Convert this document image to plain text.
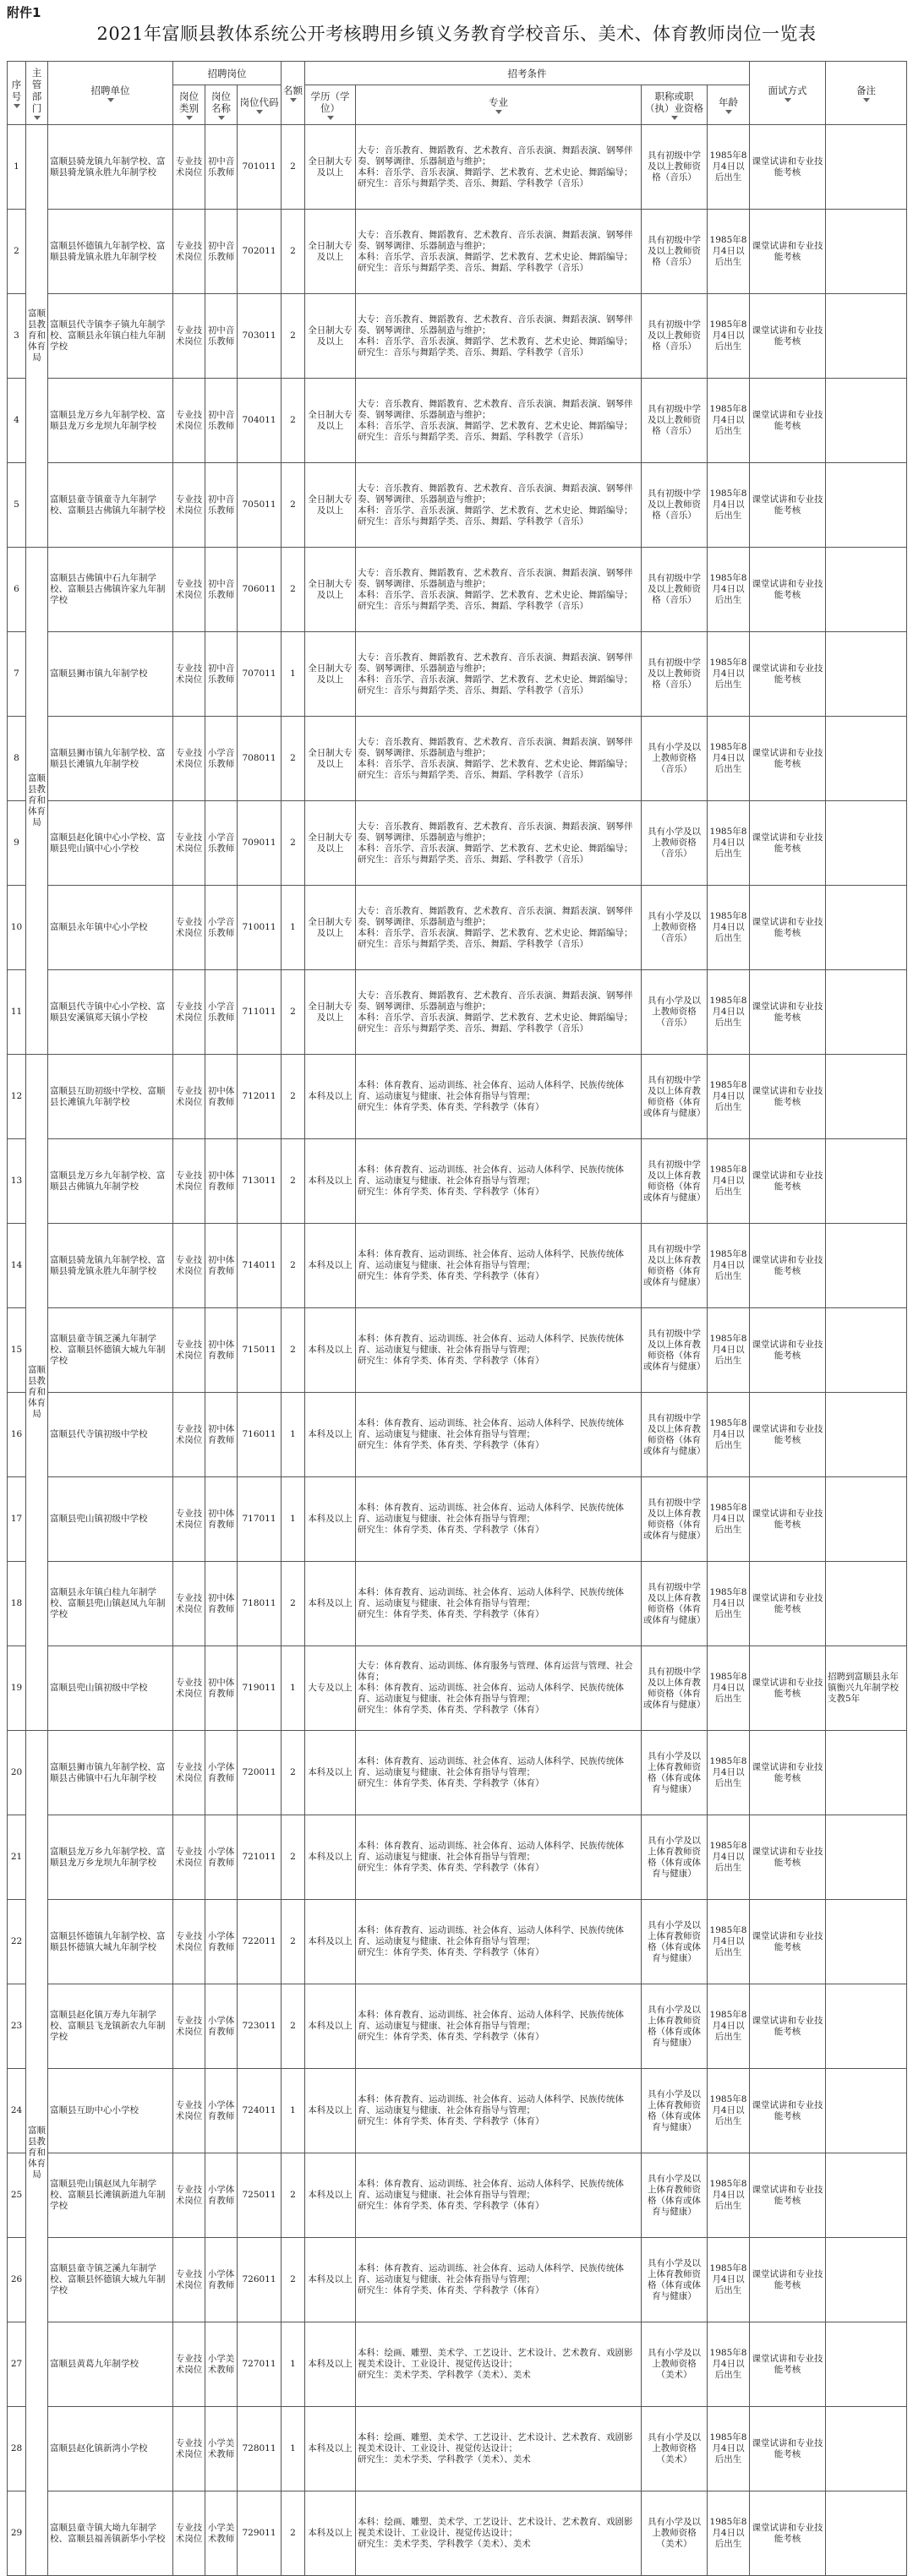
附件1
2021年富顺县教体系统公开考核聘用乡镇义务教育学校音乐、美术、体育教师岗位一览表
序号	主管部门	招聘单位	招聘岗位			名额	招考条件				面试方式	备注

			岗位类别	岗位名称	岗位代码		学历（学位）	专业	职称或职（执）业资格	年龄		

1	富顺县教育和体育局	富顺县骑龙镇九年制学校、富顺县骑龙镇永胜九年制学校	专业技术岗位	初中音乐教师	701011	2	全日制大专及以上	大专：音乐教育、舞蹈教育、艺术教育、音乐表演、舞蹈表演、钢琴伴奏、钢琴调律、乐器制造与维护；
本科：音乐学、音乐表演、舞蹈学、艺术教育、艺术史论、舞蹈编导；
研究生：音乐与舞蹈学类、音乐、舞蹈、学科教学（音乐）	具有初级中学及以上教师资格（音乐）	1985年8月4日以后出生	课堂试讲和专业技能考核	
2		富顺县怀德镇九年制学校、富顺县骑龙镇永胜九年制学校	专业技术岗位	初中音乐教师	702011	2	全日制大专及以上	大专：音乐教育、舞蹈教育、艺术教育、音乐表演、舞蹈表演、钢琴伴奏、钢琴调律、乐器制造与维护；
本科：音乐学、音乐表演、舞蹈学、艺术教育、艺术史论、舞蹈编导；
研究生：音乐与舞蹈学类、音乐、舞蹈、学科教学（音乐）	具有初级中学及以上教师资格（音乐）	1985年8月4日以后出生	课堂试讲和专业技能考核	
3		富顺县代寺镇李子镇九年制学校、富顺县永年镇白桂九年制学校	专业技术岗位	初中音乐教师	703011	2	全日制大专及以上	大专：音乐教育、舞蹈教育、艺术教育、音乐表演、舞蹈表演、钢琴伴奏、钢琴调律、乐器制造与维护；
本科：音乐学、音乐表演、舞蹈学、艺术教育、艺术史论、舞蹈编导；
研究生：音乐与舞蹈学类、音乐、舞蹈、学科教学（音乐）	具有初级中学及以上教师资格（音乐）	1985年8月4日以后出生	课堂试讲和专业技能考核	
4		富顺县龙万乡九年制学校、富顺县龙万乡龙坝九年制学校	专业技术岗位	初中音乐教师	704011	2	全日制大专及以上	大专：音乐教育、舞蹈教育、艺术教育、音乐表演、舞蹈表演、钢琴伴奏、钢琴调律、乐器制造与维护；
本科：音乐学、音乐表演、舞蹈学、艺术教育、艺术史论、舞蹈编导；
研究生：音乐与舞蹈学类、音乐、舞蹈、学科教学（音乐）	具有初级中学及以上教师资格（音乐）	1985年8月4日以后出生	课堂试讲和专业技能考核	
5		富顺县童寺镇童寺九年制学校、富顺县古佛镇九年制学校	专业技术岗位	初中音乐教师	705011	2	全日制大专及以上	大专：音乐教育、舞蹈教育、艺术教育、音乐表演、舞蹈表演、钢琴伴奏、钢琴调律、乐器制造与维护；
本科：音乐学、音乐表演、舞蹈学、艺术教育、艺术史论、舞蹈编导；
研究生：音乐与舞蹈学类、音乐、舞蹈、学科教学（音乐）	具有初级中学及以上教师资格（音乐）	1985年8月4日以后出生	课堂试讲和专业技能考核	
6	富顺县教育和体育局	富顺县古佛镇中石九年制学校、富顺县古佛镇许家九年制学校	专业技术岗位	初中音乐教师	706011	2	全日制大专及以上	大专：音乐教育、舞蹈教育、艺术教育、音乐表演、舞蹈表演、钢琴伴奏、钢琴调律、乐器制造与维护；
本科：音乐学、音乐表演、舞蹈学、艺术教育、艺术史论、舞蹈编导；
研究生：音乐与舞蹈学类、音乐、舞蹈、学科教学（音乐）	具有初级中学及以上教师资格（音乐）	1985年8月4日以后出生	课堂试讲和专业技能考核	
7		富顺县狮市镇九年制学校	专业技术岗位	初中音乐教师	707011	1	全日制大专及以上	大专：音乐教育、舞蹈教育、艺术教育、音乐表演、舞蹈表演、钢琴伴奏、钢琴调律、乐器制造与维护；
本科：音乐学、音乐表演、舞蹈学、艺术教育、艺术史论、舞蹈编导；
研究生：音乐与舞蹈学类、音乐、舞蹈、学科教学（音乐）	具有初级中学及以上教师资格（音乐）	1985年8月4日以后出生	课堂试讲和专业技能考核	
8		富顺县狮市镇九年制学校、富顺县长滩镇九年制学校	专业技术岗位	小学音乐教师	708011	2	全日制大专及以上	大专：音乐教育、舞蹈教育、艺术教育、音乐表演、舞蹈表演、钢琴伴奏、钢琴调律、乐器制造与维护；
本科：音乐学、音乐表演、舞蹈学、艺术教育、艺术史论、舞蹈编导；
研究生：音乐与舞蹈学类、音乐、舞蹈、学科教学（音乐）	具有小学及以上教师资格（音乐）	1985年8月4日以后出生	课堂试讲和专业技能考核	
9		富顺县赵化镇中心小学校、富顺县兜山镇中心小学校	专业技术岗位	小学音乐教师	709011	2	全日制大专及以上	大专：音乐教育、舞蹈教育、艺术教育、音乐表演、舞蹈表演、钢琴伴奏、钢琴调律、乐器制造与维护；
本科：音乐学、音乐表演、舞蹈学、艺术教育、艺术史论、舞蹈编导；
研究生：音乐与舞蹈学类、音乐、舞蹈、学科教学（音乐）	具有小学及以上教师资格（音乐）	1985年8月4日以后出生	课堂试讲和专业技能考核	
10		富顺县永年镇中心小学校	专业技术岗位	小学音乐教师	710011	1	全日制大专及以上	大专：音乐教育、舞蹈教育、艺术教育、音乐表演、舞蹈表演、钢琴伴奏、钢琴调律、乐器制造与维护；
本科：音乐学、音乐表演、舞蹈学、艺术教育、艺术史论、舞蹈编导；
研究生：音乐与舞蹈学类、音乐、舞蹈、学科教学（音乐）	具有小学及以上教师资格（音乐）	1985年8月4日以后出生	课堂试讲和专业技能考核	
11		富顺县代寺镇中心小学校、富顺县安溪镇郑天镇小学校	专业技术岗位	小学音乐教师	711011	2	全日制大专及以上	大专：音乐教育、舞蹈教育、艺术教育、音乐表演、舞蹈表演、钢琴伴奏、钢琴调律、乐器制造与维护；
本科：音乐学、音乐表演、舞蹈学、艺术教育、艺术史论、舞蹈编导；
研究生：音乐与舞蹈学类、音乐、舞蹈、学科教学（音乐）	具有小学及以上教师资格（音乐）	1985年8月4日以后出生	课堂试讲和专业技能考核	
12	富顺县教育和体育局	富顺县互助初级中学校、富顺县长滩镇九年制学校	专业技术岗位	初中体育教师	712011	2	本科及以上	本科：体育教育、运动训练、社会体育、运动人体科学、民族传统体育、运动康复与健康、社会体育指导与管理；
研究生：体育学类、体育类、学科教学（体育）	具有初级中学及以上体育教师资格（体育或体育与健康）	1985年8月4日以后出生	课堂试讲和专业技能考核	
13		富顺县龙万乡九年制学校、富顺县古佛镇九年制学校	专业技术岗位	初中体育教师	713011	2	本科及以上	本科：体育教育、运动训练、社会体育、运动人体科学、民族传统体育、运动康复与健康、社会体育指导与管理；
研究生：体育学类、体育类、学科教学（体育）	具有初级中学及以上体育教师资格（体育或体育与健康）	1985年8月4日以后出生	课堂试讲和专业技能考核	
14		富顺县骑龙镇九年制学校、富顺县骑龙镇永胜九年制学校	专业技术岗位	初中体育教师	714011	2	本科及以上	本科：体育教育、运动训练、社会体育、运动人体科学、民族传统体育、运动康复与健康、社会体育指导与管理；
研究生：体育学类、体育类、学科教学（体育）	具有初级中学及以上体育教师资格（体育或体育与健康）	1985年8月4日以后出生	课堂试讲和专业技能考核	
15		富顺县童寺镇芝溪九年制学校、富顺县怀德镇大城九年制学校	专业技术岗位	初中体育教师	715011	2	本科及以上	本科：体育教育、运动训练、社会体育、运动人体科学、民族传统体育、运动康复与健康、社会体育指导与管理；
研究生：体育学类、体育类、学科教学（体育）	具有初级中学及以上体育教师资格（体育或体育与健康）	1985年8月4日以后出生	课堂试讲和专业技能考核	
16		富顺县代寺镇初级中学校	专业技术岗位	初中体育教师	716011	1	本科及以上	本科：体育教育、运动训练、社会体育、运动人体科学、民族传统体育、运动康复与健康、社会体育指导与管理；
研究生：体育学类、体育类、学科教学（体育）	具有初级中学及以上体育教师资格（体育或体育与健康）	1985年8月4日以后出生	课堂试讲和专业技能考核	
17		富顺县兜山镇初级中学校	专业技术岗位	初中体育教师	717011	1	本科及以上	本科：体育教育、运动训练、社会体育、运动人体科学、民族传统体育、运动康复与健康、社会体育指导与管理；
研究生：体育学类、体育类、学科教学（体育）	具有初级中学及以上体育教师资格（体育或体育与健康）	1985年8月4日以后出生	课堂试讲和专业技能考核	
18		富顺县永年镇白桂九年制学校、富顺县兜山镇赵凤九年制学校	专业技术岗位	初中体育教师	718011	2	本科及以上	本科：体育教育、运动训练、社会体育、运动人体科学、民族传统体育、运动康复与健康、社会体育指导与管理；
研究生：体育学类、体育类、学科教学（体育）	具有初级中学及以上体育教师资格（体育或体育与健康）	1985年8月4日以后出生	课堂试讲和专业技能考核	
19		富顺县兜山镇初级中学校	专业技术岗位	初中体育教师	719011	1	大专及以上	大专：体育教育、运动训练、体育服务与管理、体育运营与管理、社会体育；
本科：体育教育、运动训练、社会体育、运动人体科学、民族传统体育、运动康复与健康、社会体育指导与管理；
研究生：体育学类、体育类、学科教学（体育）	具有初级中学及以上体育教师资格（体育或体育与健康）	1985年8月4日以后出生	课堂试讲和专业技能考核	招聘到富顺县永年镇衡兴九年制学校支教5年
20	富顺县教育和体育局	富顺县狮市镇九年制学校、富顺县古佛镇中石九年制学校	专业技术岗位	小学体育教师	720011	2	本科及以上	本科：体育教育、运动训练、社会体育、运动人体科学、民族传统体育、运动康复与健康、社会体育指导与管理；
研究生：体育学类、体育类、学科教学（体育）	具有小学及以上体育教师资格（体育或体育与健康）	1985年8月4日以后出生	课堂试讲和专业技能考核	
21		富顺县龙万乡九年制学校、富顺县龙万乡龙坝九年制学校	专业技术岗位	小学体育教师	721011	2	本科及以上	本科：体育教育、运动训练、社会体育、运动人体科学、民族传统体育、运动康复与健康、社会体育指导与管理；
研究生：体育学类、体育类、学科教学（体育）	具有小学及以上体育教师资格（体育或体育与健康）	1985年8月4日以后出生	课堂试讲和专业技能考核	
22		富顺县怀德镇九年制学校、富顺县怀德镇大城九年制学校	专业技术岗位	小学体育教师	722011	2	本科及以上	本科：体育教育、运动训练、社会体育、运动人体科学、民族传统体育、运动康复与健康、社会体育指导与管理；
研究生：体育学类、体育类、学科教学（体育）	具有小学及以上体育教师资格（体育或体育与健康）	1985年8月4日以后出生	课堂试讲和专业技能考核	
23		富顺县赵化镇万寿九年制学校、富顺县飞龙镇新农九年制学校	专业技术岗位	小学体育教师	723011	2	本科及以上	本科：体育教育、运动训练、社会体育、运动人体科学、民族传统体育、运动康复与健康、社会体育指导与管理；
研究生：体育学类、体育类、学科教学（体育）	具有小学及以上体育教师资格（体育或体育与健康）	1985年8月4日以后出生	课堂试讲和专业技能考核	
24		富顺县互助中心小学校	专业技术岗位	小学体育教师	724011	1	本科及以上	本科：体育教育、运动训练、社会体育、运动人体科学、民族传统体育、运动康复与健康、社会体育指导与管理；
研究生：体育学类、体育类、学科教学（体育）	具有小学及以上体育教师资格（体育或体育与健康）	1985年8月4日以后出生	课堂试讲和专业技能考核	
25		富顺县兜山镇赵凤九年制学校、富顺县长滩镇新道九年制学校	专业技术岗位	小学体育教师	725011	2	本科及以上	本科：体育教育、运动训练、社会体育、运动人体科学、民族传统体育、运动康复与健康、社会体育指导与管理；
研究生：体育学类、体育类、学科教学（体育）	具有小学及以上体育教师资格（体育或体育与健康）	1985年8月4日以后出生	课堂试讲和专业技能考核	
26		富顺县童寺镇芝溪九年制学校、富顺县怀德镇大城九年制学校	专业技术岗位	小学体育教师	726011	2	本科及以上	本科：体育教育、运动训练、社会体育、运动人体科学、民族传统体育、运动康复与健康、社会体育指导与管理；
研究生：体育学类、体育类、学科教学（体育）	具有小学及以上体育教师资格（体育或体育与健康）	1985年8月4日以后出生	课堂试讲和专业技能考核	
27		富顺县黄葛九年制学校	专业技术岗位	小学美术教师	727011	1	本科及以上	本科：绘画、雕塑、美术学、工艺设计、艺术设计、艺术教育、戏剧影视美术设计、工业设计、视觉传达设计；
研究生：美术学类、学科教学（美术）、美术	具有小学及以上教师资格（美术）	1985年8月4日以后出生	课堂试讲和专业技能考核	
28		富顺县赵化镇新湾小学校	专业技术岗位	小学美术教师	728011	1	本科及以上	本科：绘画、雕塑、美术学、工艺设计、艺术设计、艺术教育、戏剧影视美术设计、工业设计、视觉传达设计；
研究生：美术学类、学科教学（美术）、美术	具有小学及以上教师资格（美术）	1985年8月4日以后出生	课堂试讲和专业技能考核	
29		富顺县童寺镇大坳九年制学校、富顺县福善镇新华小学校	专业技术岗位	小学美术教师	729011	2	本科及以上	本科：绘画、雕塑、美术学、工艺设计、艺术设计、艺术教育、戏剧影视美术设计、工业设计、视觉传达设计；
研究生：美术学类、学科教学（美术）、美术	具有小学及以上教师资格（美术）	1985年8月4日以后出生	课堂试讲和专业技能考核	
